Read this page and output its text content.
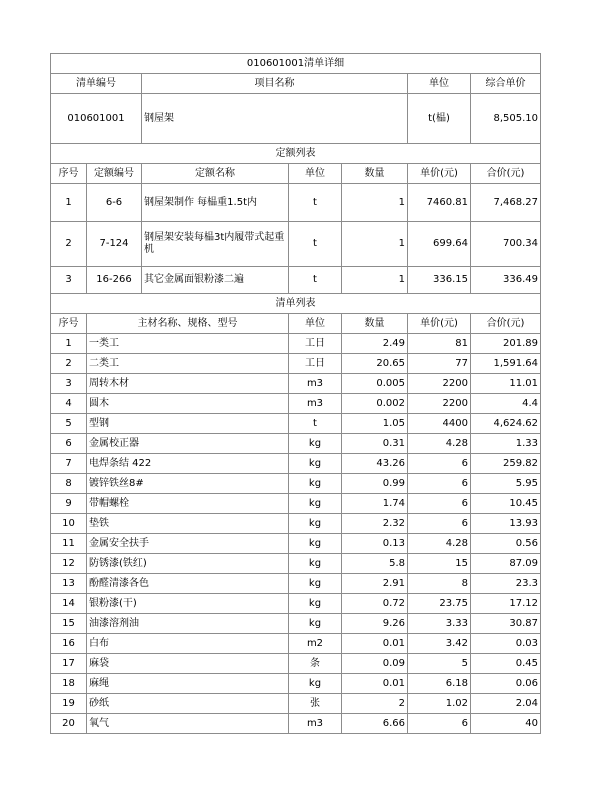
010601001清单详细						
清单编号		项目名称			单位	综合单价
010601001		钢屋架			t(榀)	8,505.10
定额列表						
序号	定额编号	定额名称	单位	数量	单价(元)	合价(元)
1	6-6	钢屋架制作 每榀重1.5t内	t	1	7460.81	7,468.27
2	7-124	钢屋架安装每榀3t内履带式起重机	t	1	699.64	700.34
3	16-266	其它金属面银粉漆二遍	t	1	336.15	336.49
清单列表						
序号	主材名称、规格、型号		单位	数量	单价(元)	合价(元)
1	一类工		工日	2.49	81	201.89
2	二类工		工日	20.65	77	1,591.64
3	周转木材		m3	0.005	2200	11.01
4	圆木		m3	0.002	2200	4.4
5	型钢		t	1.05	4400	4,624.62
6	金属校正器		kg	0.31	4.28	1.33
7	电焊条结 422		kg	43.26	6	259.82
8	镀锌铁丝8#		kg	0.99	6	5.95
9	带帽螺栓		kg	1.74	6	10.45
10	垫铁		kg	2.32	6	13.93
11	金属安全扶手		kg	0.13	4.28	0.56
12	防锈漆(铁红)		kg	5.8	15	87.09
13	酚醛清漆各色		kg	2.91	8	23.3
14	银粉漆(干)		kg	0.72	23.75	17.12
15	油漆溶剂油		kg	9.26	3.33	30.87
16	白布		m2	0.01	3.42	0.03
17	麻袋		条	0.09	5	0.45
18	麻绳		kg	0.01	6.18	0.06
19	砂纸		张	2	1.02	2.04
20	氧气		m3	6.66	6	40
